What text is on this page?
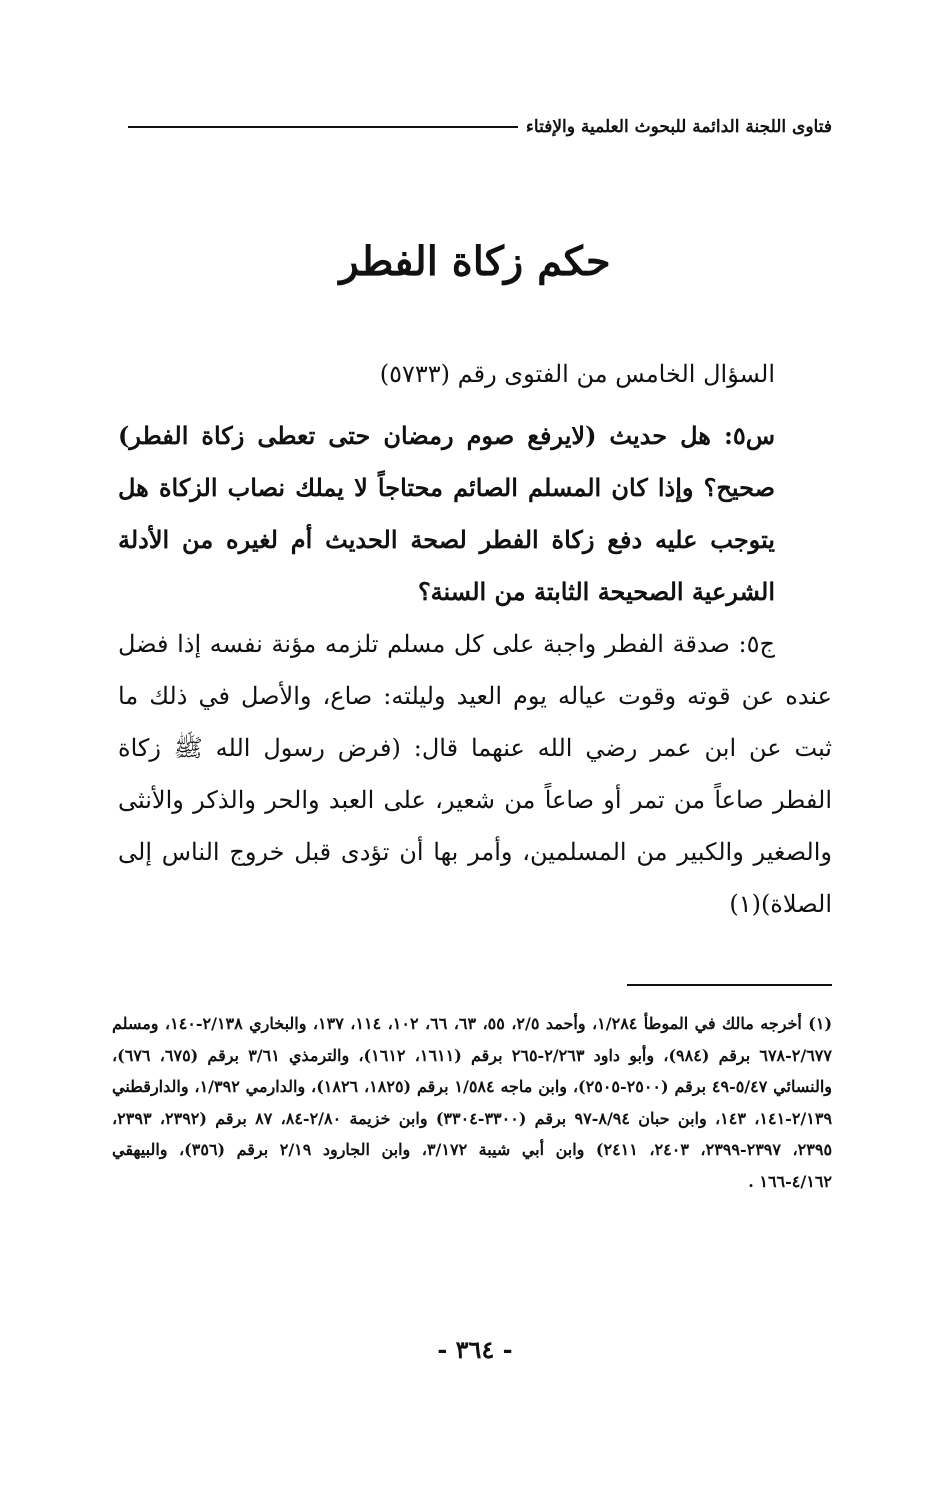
فتاوى اللجنة الدائمة للبحوث العلمية والإفتاء
حكم زكاة الفطر
السؤال الخامس من الفتوى رقم (٥٧٣٣)
س٥: هل حديث (لايرفع صوم رمضان حتى تعطى زكاة الفطر) صحيح؟ وإذا كان المسلم الصائم محتاجاً لا يملك نصاب الزكاة هل يتوجب عليه دفع زكاة الفطر لصحة الحديث أم لغيره من الأدلة الشرعية الصحيحة الثابتة من السنة؟
ج٥: صدقة الفطر واجبة على كل مسلم تلزمه مؤنة نفسه إذا فضل عنده عن قوته وقوت عياله يوم العيد وليلته: صاع، والأصل في ذلك ما ثبت عن ابن عمر رضي الله عنهما قال: (فرض رسول الله ﷺ زكاة الفطر صاعاً من تمر أو صاعاً من شعير، على العبد والحر والذكر والأنثى والصغير والكبير من المسلمين، وأمر بها أن تؤدى قبل خروج الناس إلى الصلاة)(١)
(١) أخرجه مالك في الموطأ ١/٢٨٤، وأحمد ٢/٥، ٥٥، ٦٣، ٦٦، ١٠٢، ١١٤، ١٣٧، والبخاري ٢/١٣٨-١٤٠، ومسلم ٢/٦٧٧-٦٧٨ برقم (٩٨٤)، وأبو داود ٢/٢٦٣-٢٦٥ برقم (١٦١١، ١٦١٢)، والترمذي ٣/٦١ برقم (٦٧٥، ٦٧٦)، والنسائي ٥/٤٧-٤٩ برقم (٢٥٠٠-٢٥٠٥)، وابن ماجه ١/٥٨٤ برقم (١٨٢٥، ١٨٢٦)، والدارمي ١/٣٩٢، والدارقطني ٢/١٣٩-١٤١، ١٤٣، وابن حبان ٨/٩٤-٩٧ برقم (٣٣٠٠-٣٣٠٤) وابن خزيمة ٢/٨٠-٨٤، ٨٧ برقم (٢٣٩٢، ٢٣٩٣، ٢٣٩٥، ٢٣٩٧-٢٣٩٩، ٢٤٠٣، ٢٤١١) وابن أبي شيبة ٣/١٧٢، وابن الجارود ٢/١٩ برقم (٣٥٦)، والبيهقي ٤/١٦٢-١٦٦ .
- ٣٦٤ -
